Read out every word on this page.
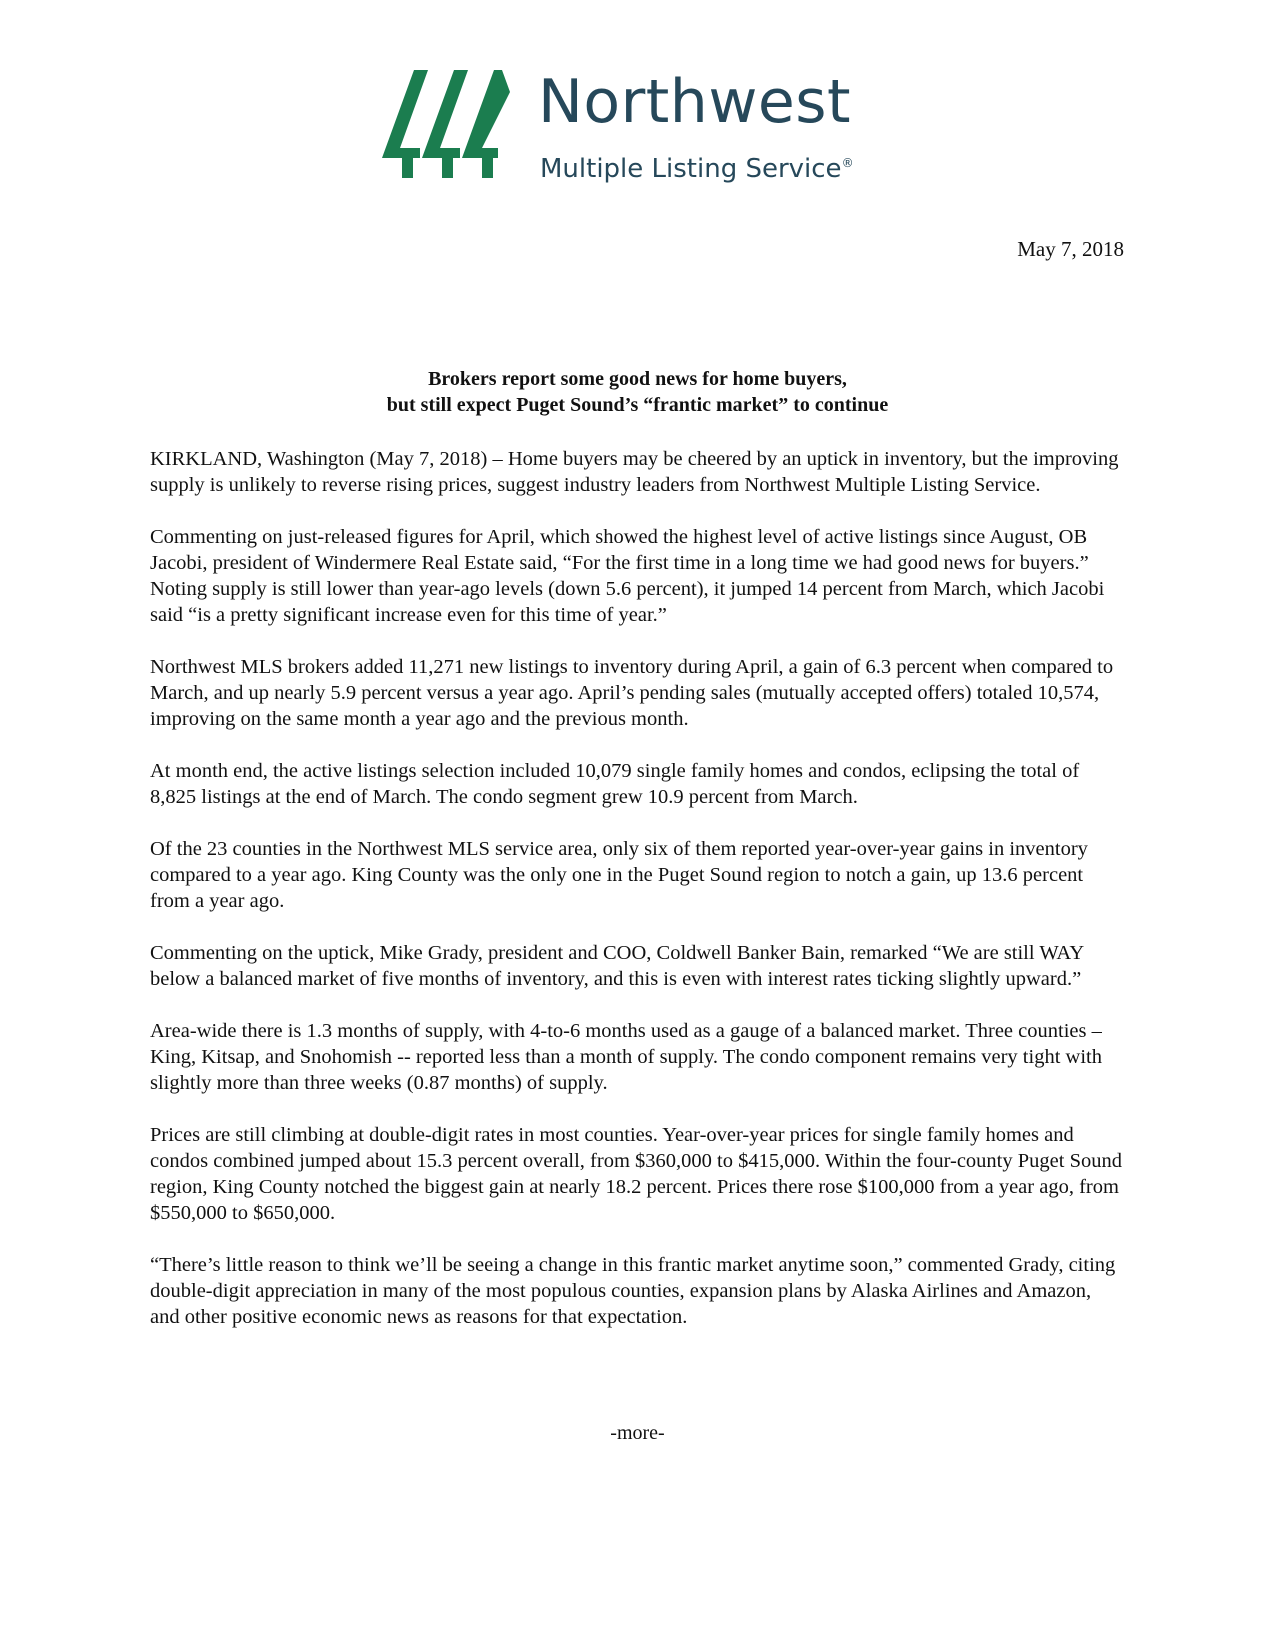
Northwest
Multiple Listing Service®
May 7, 2018
Brokers report some good news for home buyers,
but still expect Puget Sound’s “frantic market” to continue

KIRKLAND, Washington (May 7, 2018) – Home buyers may be cheered by an uptick in inventory, but the improving supply is unlikely to reverse rising prices, suggest industry leaders from Northwest Multiple Listing Service.

Commenting on just-released figures for April, which showed the highest level of active listings since August, OB Jacobi, president of Windermere Real Estate said, “For the first time in a long time we had good news for buyers.” Noting supply is still lower than year-ago levels (down 5.6 percent), it jumped 14 percent from March, which Jacobi said “is a pretty significant increase even for this time of year.”

Northwest MLS brokers added 11,271 new listings to inventory during April, a gain of 6.3 percent when compared to March, and up nearly 5.9 percent versus a year ago. April’s pending sales (mutually accepted offers) totaled 10,574, improving on the same month a year ago and the previous month.

At month end, the active listings selection included 10,079 single family homes and condos, eclipsing the total of 8,825 listings at the end of March. The condo segment grew 10.9 percent from March.

Of the 23 counties in the Northwest MLS service area, only six of them reported year-over-year gains in inventory compared to a year ago. King County was the only one in the Puget Sound region to notch a gain, up 13.6 percent from a year ago.

Commenting on the uptick, Mike Grady, president and COO, Coldwell Banker Bain, remarked “We are still WAY below a balanced market of five months of inventory, and this is even with interest rates ticking slightly upward.”

Area-wide there is 1.3 months of supply, with 4-to-6 months used as a gauge of a balanced market. Three counties – King, Kitsap, and Snohomish -- reported less than a month of supply. The condo component remains very tight with slightly more than three weeks (0.87 months) of supply.

Prices are still climbing at double-digit rates in most counties. Year-over-year prices for single family homes and condos combined jumped about 15.3 percent overall, from $360,000 to $415,000. Within the four-county Puget Sound region, King County notched the biggest gain at nearly 18.2 percent. Prices there rose $100,000 from a year ago, from $550,000 to $650,000.

“There’s little reason to think we’ll be seeing a change in this frantic market anytime soon,” commented Grady, citing double-digit appreciation in many of the most populous counties, expansion plans by Alaska Airlines and Amazon, and other positive economic news as reasons for that expectation.

-more-
